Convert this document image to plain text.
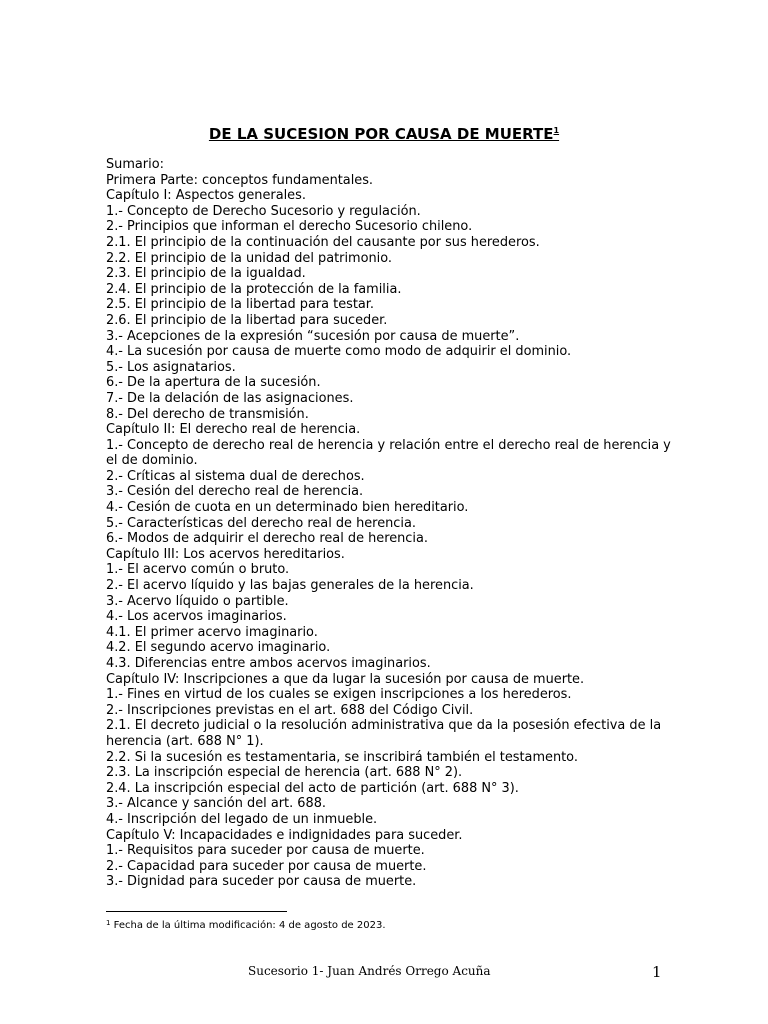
DE LA SUCESION POR CAUSA DE MUERTE$^1$
Sumario:
Primera Parte: conceptos fundamentales.
Capítulo I: Aspectos generales.
1.- Concepto de Derecho Sucesorio y regulación.
2.- Principios que informan el derecho Sucesorio chileno.
2.1. El principio de la continuación del causante por sus herederos.
2.2. El principio de la unidad del patrimonio.
2.3. El principio de la igualdad.
2.4. El principio de la protección de la familia.
2.5. El principio de la libertad para testar.
2.6. El principio de la libertad para suceder.
3.- Acepciones de la expresión “sucesión por causa de muerte”.
4.- La sucesión por causa de muerte como modo de adquirir el dominio.
5.- Los asignatarios.
6.- De la apertura de la sucesión.
7.- De la delación de las asignaciones.
8.- Del derecho de transmisión.
Capítulo II: El derecho real de herencia.
1.- Concepto de derecho real de herencia y relación entre el derecho real de herencia y
el de dominio.
2.- Críticas al sistema dual de derechos.
3.- Cesión del derecho real de herencia.
4.- Cesión de cuota en un determinado bien hereditario.
5.- Características del derecho real de herencia.
6.- Modos de adquirir el derecho real de herencia.
Capítulo III: Los acervos hereditarios.
1.- El acervo común o bruto.
2.- El acervo líquido y las bajas generales de la herencia.
3.- Acervo líquido o partible.
4.- Los acervos imaginarios.
4.1. El primer acervo imaginario.
4.2. El segundo acervo imaginario.
4.3. Diferencias entre ambos acervos imaginarios.
Capítulo IV: Inscripciones a que da lugar la sucesión por causa de muerte.
1.- Fines en virtud de los cuales se exigen inscripciones a los herederos.
2.- Inscripciones previstas en el art. 688 del Código Civil.
2.1. El decreto judicial o la resolución administrativa que da la posesión efectiva de la
herencia (art. 688 N° 1).
2.2. Si la sucesión es testamentaria, se inscribirá también el testamento.
2.3. La inscripción especial de herencia (art. 688 N° 2).
2.4. La inscripción especial del acto de partición (art. 688 N° 3).
3.- Alcance y sanción del art. 688.
4.- Inscripción del legado de un inmueble.
Capítulo V: Incapacidades e indignidades para suceder.
1.- Requisitos para suceder por causa de muerte.
2.- Capacidad para suceder por causa de muerte.
3.- Dignidad para suceder por causa de muerte.
$^1$ Fecha de la última modificación: 4 de agosto de 2023.
Sucesorio 1- Juan Andrés Orrego Acuña	1
